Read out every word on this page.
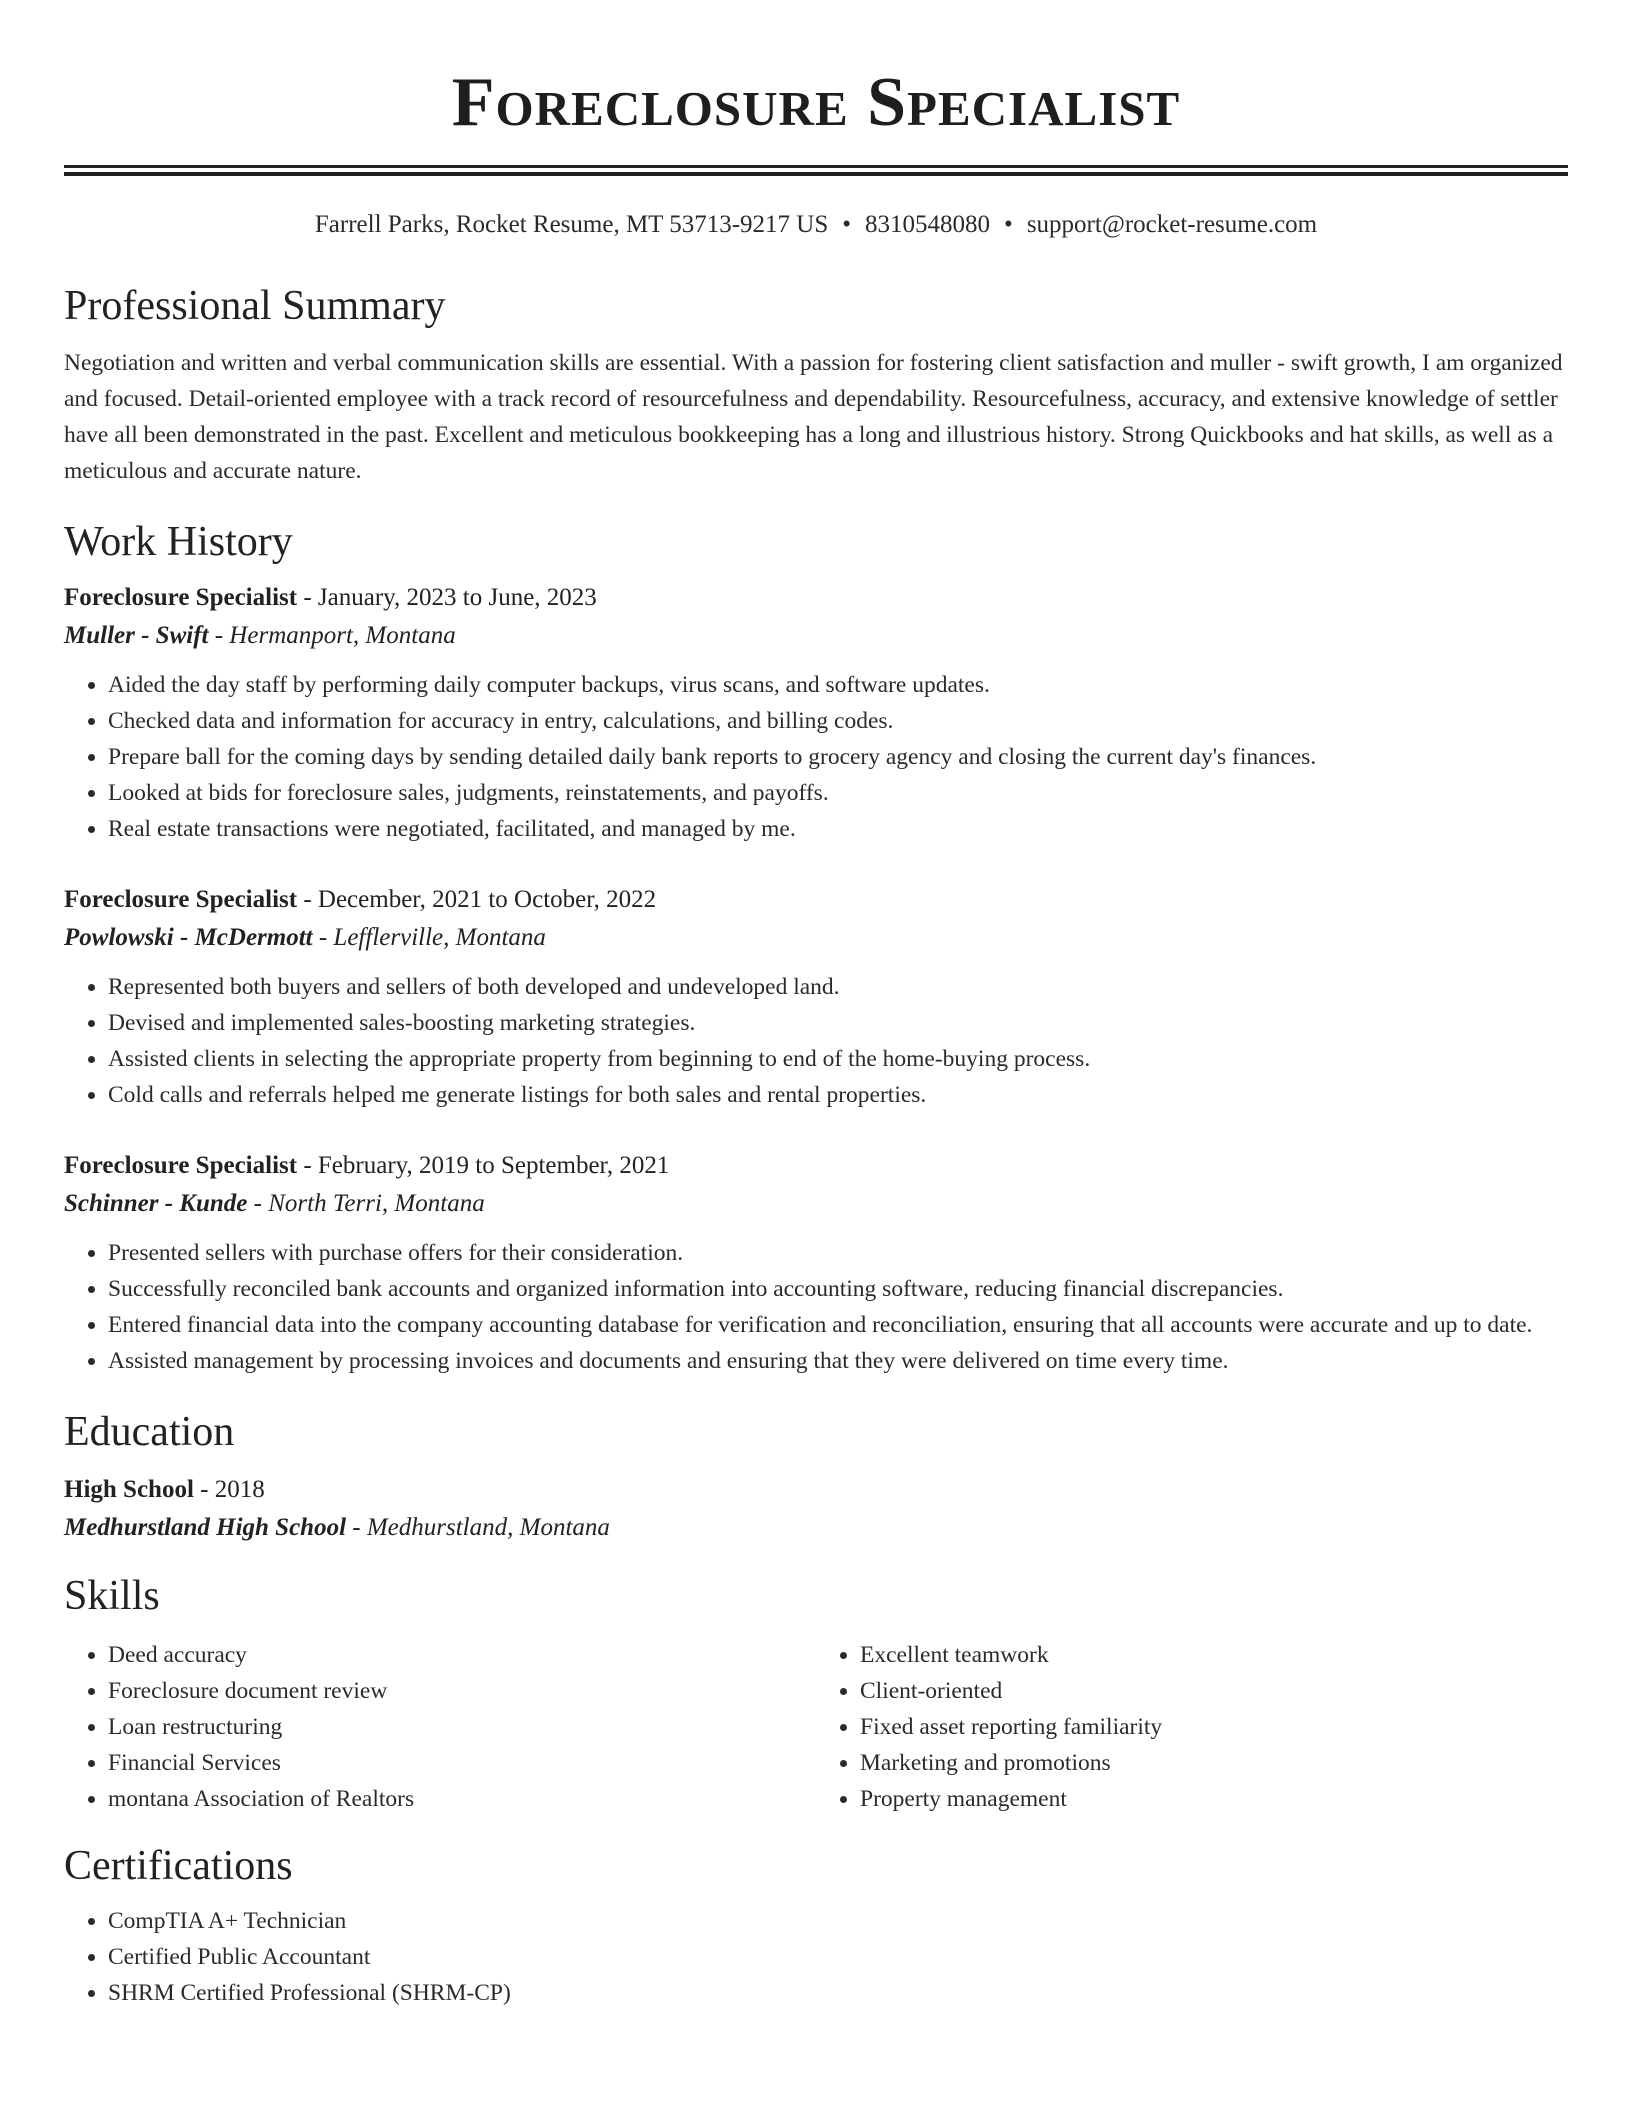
Foreclosure Specialist
Farrell Parks, Rocket Resume, MT 53713-9217 US • 8310548080 • support@rocket-resume.com
Professional Summary
Negotiation and written and verbal communication skills are essential. With a passion for fostering client satisfaction and muller - swift growth, I am organized and focused. Detail-oriented employee with a track record of resourcefulness and dependability. Resourcefulness, accuracy, and extensive knowledge of settler have all been demonstrated in the past. Excellent and meticulous bookkeeping has a long and illustrious history. Strong Quickbooks and hat skills, as well as a meticulous and accurate nature.
Work History
Foreclosure Specialist - January, 2023 to June, 2023
Muller - Swift - Hermanport, Montana
• Aided the day staff by performing daily computer backups, virus scans, and software updates.
• Checked data and information for accuracy in entry, calculations, and billing codes.
• Prepare ball for the coming days by sending detailed daily bank reports to grocery agency and closing the current day's finances.
• Looked at bids for foreclosure sales, judgments, reinstatements, and payoffs.
• Real estate transactions were negotiated, facilitated, and managed by me.
Foreclosure Specialist - December, 2021 to October, 2022
Powlowski - McDermott - Lefflerville, Montana
• Represented both buyers and sellers of both developed and undeveloped land.
• Devised and implemented sales-boosting marketing strategies.
• Assisted clients in selecting the appropriate property from beginning to end of the home-buying process.
• Cold calls and referrals helped me generate listings for both sales and rental properties.
Foreclosure Specialist - February, 2019 to September, 2021
Schinner - Kunde - North Terri, Montana
• Presented sellers with purchase offers for their consideration.
• Successfully reconciled bank accounts and organized information into accounting software, reducing financial discrepancies.
• Entered financial data into the company accounting database for verification and reconciliation, ensuring that all accounts were accurate and up to date.
• Assisted management by processing invoices and documents and ensuring that they were delivered on time every time.
Education
High School - 2018
Medhurstland High School - Medhurstland, Montana
Skills
• Deed accuracy
• Foreclosure document review
• Loan restructuring
• Financial Services
• montana Association of Realtors
• Excellent teamwork
• Client-oriented
• Fixed asset reporting familiarity
• Marketing and promotions
• Property management
Certifications
• CompTIA A+ Technician
• Certified Public Accountant
• SHRM Certified Professional (SHRM-CP)
